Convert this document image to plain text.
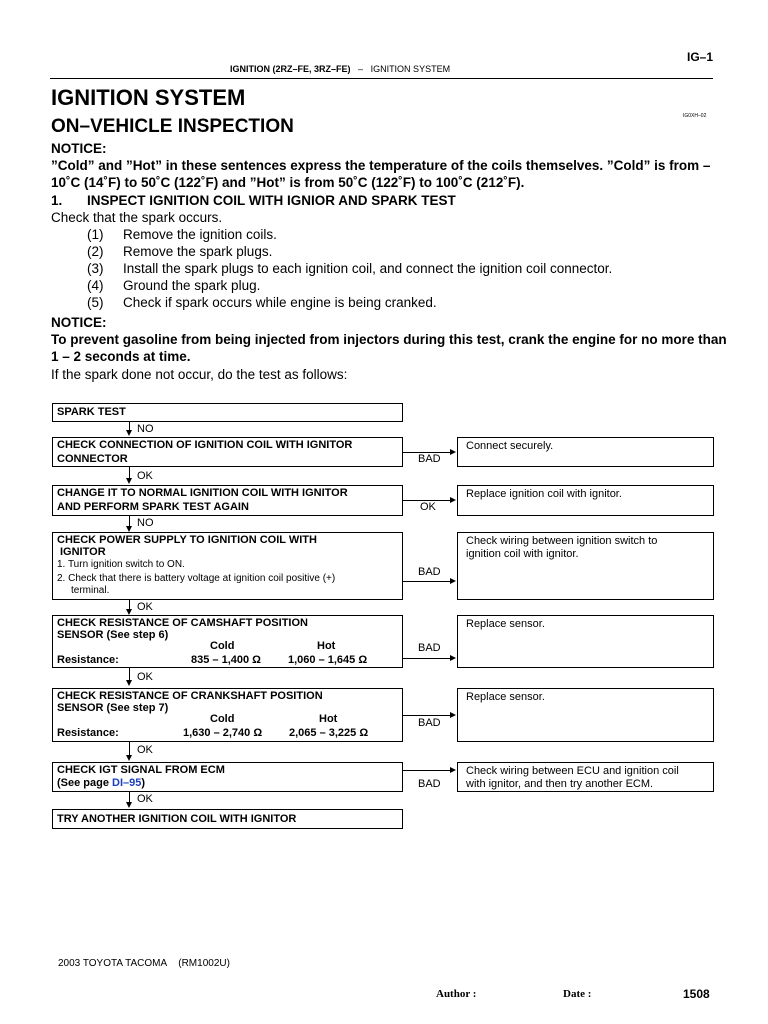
IG–1
IGNITION (2RZ–FE, 3RZ–FE) – IGNITION SYSTEM
IGNITION SYSTEM
ON–VEHICLE INSPECTION	IG0XH–02
NOTICE:
”Cold” and ”Hot” in these sentences express the temperature of the coils themselves. ”Cold” is from –10˚C (14˚F) to 50˚C (122˚F) and ”Hot” is from 50˚C (122˚F) to 100˚C (212˚F).
1. INSPECT IGNITION COIL WITH IGNIOR AND SPARK TEST
Check that the spark occurs.
(1) Remove the ignition coils.
(2) Remove the spark plugs.
(3) Install the spark plugs to each ignition coil, and connect the ignition coil connector.
(4) Ground the spark plug.
(5) Check if spark occurs while engine is being cranked.
NOTICE:
To prevent gasoline from being injected from injectors during this test, crank the engine for no more than 1 – 2 seconds at time.
If the spark done not occur, do the test as follows:
SPARK TEST
NO
CHECK CONNECTION OF IGNITION COIL WITH IGNITOR
CONNECTOR	BAD
Connect securely.
OK
CHANGE IT TO NORMAL IGNITION COIL WITH IGNITOR
AND PERFORM SPARK TEST AGAIN	OK
Replace ignition coil with ignitor.
NO
CHECK POWER SUPPLY TO IGNITION COIL WITH
IGNITOR
1. Turn ignition switch to ON.
2. Check that there is battery voltage at ignition coil positive (+)
terminal.
BAD
Check wiring between ignition switch to
ignition coil with ignitor.
OK
CHECK RESISTANCE OF CAMSHAFT POSITION
SENSOR (See step 6)
Cold	Hot
Resistance:	835 – 1,400 Ω 1,060 – 1,645 Ω
BAD
Replace sensor.
OK
CHECK RESISTANCE OF CRANKSHAFT POSITION
SENSOR (See step 7)
Cold	Hot
Resistance:	1,630 – 2,740 Ω 2,065 – 3,225 Ω
BAD
Replace sensor.
OK
CHECK IGT SIGNAL FROM ECM
(See page DI–95)	BAD
Check wiring between ECU and ignition coil
with ignitor, and then try another ECM.
OK
TRY ANOTHER IGNITION COIL WITH IGNITOR
2003 TOYOTA TACOMA (RM1002U)
Author :	Date :	1508
